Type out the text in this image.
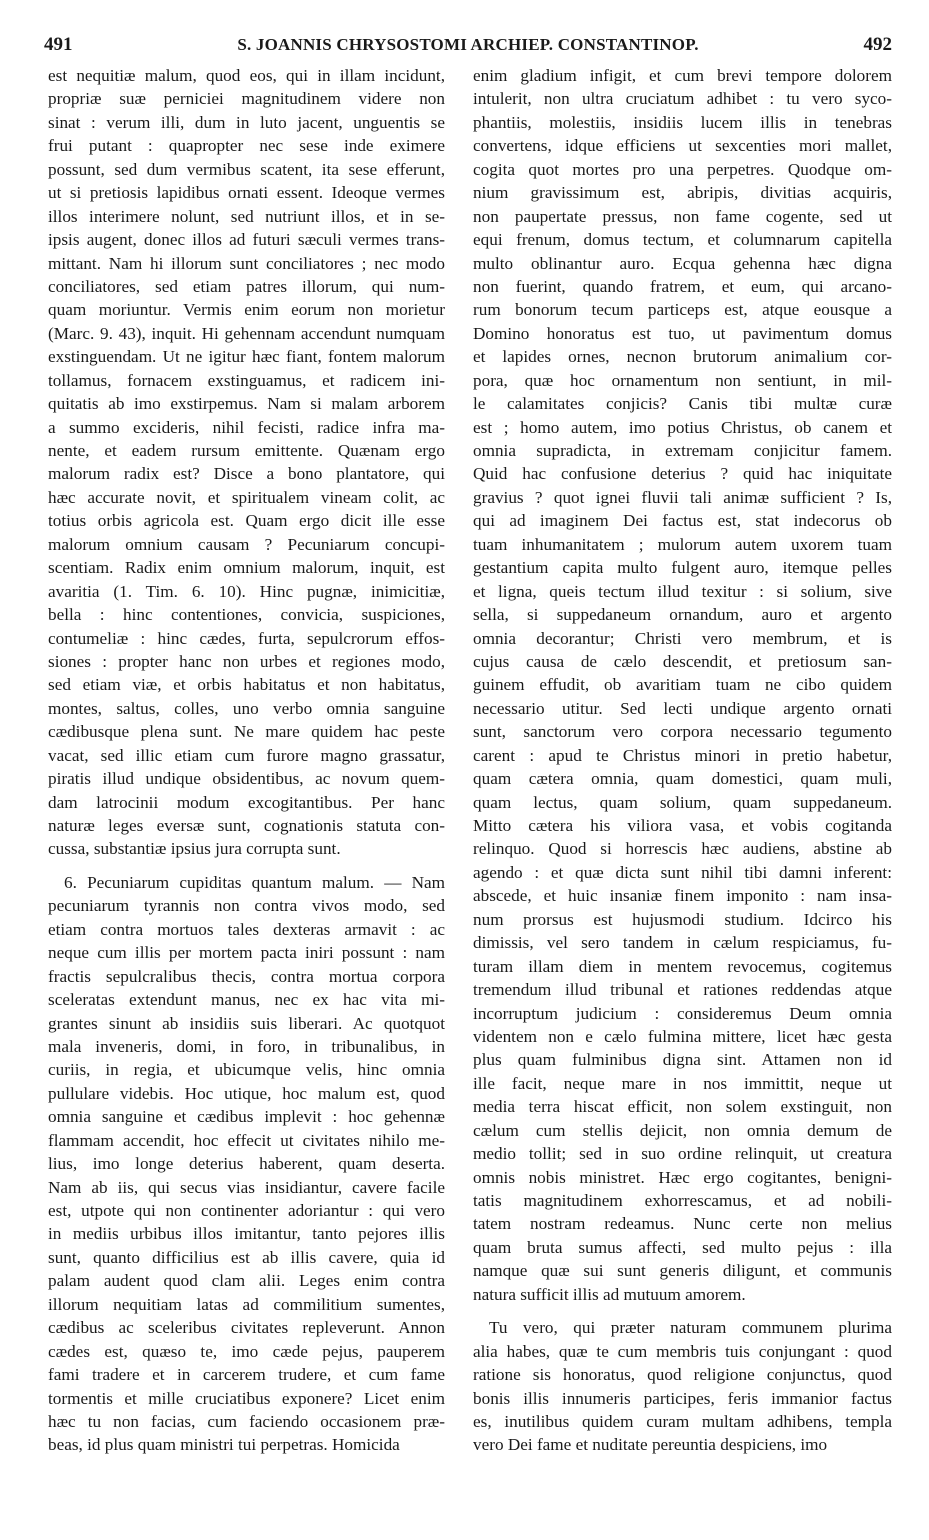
491	S. JOANNIS CHRYSOSTOMI ARCHIEP. CONSTANTINOP.	492
est nequitiæ malum, quod eos, qui in illam incidunt,
propriæ suæ perniciei magnitudinem videre non
sinat : verum illi, dum in luto jacent, unguentis se
frui putant : quapropter nec sese inde eximere
possunt, sed dum vermibus scatent, ita sese efferunt,
ut si pretiosis lapidibus ornati essent. Ideoque vermes
illos interimere nolunt, sed nutriunt illos, et in se-
ipsis augent, donec illos ad futuri sæculi vermes trans-
mittant. Nam hi illorum sunt conciliatores ; nec modo
conciliatores, sed etiam patres illorum, qui num-
quam moriuntur. Vermis enim eorum non morietur
(Marc. 9. 43), inquit. Hi gehennam accendunt numquam
exstinguendam. Ut ne igitur hæc fiant, fontem malorum
tollamus, fornacem exstinguamus, et radicem ini-
quitatis ab imo exstirpemus. Nam si malam arborem
a summo excideris, nihil fecisti, radice infra ma-
nente, et eadem rursum emittente. Quænam ergo
malorum radix est? Disce a bono plantatore, qui
hæc accurate novit, et spiritualem vineam colit, ac
totius orbis agricola est. Quam ergo dicit ille esse
malorum omnium causam ? Pecuniarum concupi-
scentiam. Radix enim omnium malorum, inquit, est
avaritia (1. Tim. 6. 10). Hinc pugnæ, inimicitiæ,
bella : hinc contentiones, convicia, suspiciones,
contumeliæ : hinc cædes, furta, sepulcrorum effos-
siones : propter hanc non urbes et regiones modo,
sed etiam viæ, et orbis habitatus et non habitatus,
montes, saltus, colles, uno verbo omnia sanguine
cædibusque plena sunt. Ne mare quidem hac peste
vacat, sed illic etiam cum furore magno grassatur,
piratis illud undique obsidentibus, ac novum quem-
dam latrocinii modum excogitantibus. Per hanc
naturæ leges eversæ sunt, cognationis statuta con-
cussa, substantiæ ipsius jura corrupta sunt.
6. Pecuniarum cupiditas quantum malum. — Nam
pecuniarum tyrannis non contra vivos modo, sed
etiam contra mortuos tales dexteras armavit : ac
neque cum illis per mortem pacta iniri possunt : nam
fractis sepulcralibus thecis, contra mortua corpora
sceleratas extendunt manus, nec ex hac vita mi-
grantes sinunt ab insidiis suis liberari. Ac quotquot
mala inveneris, domi, in foro, in tribunalibus, in
curiis, in regia, et ubicumque velis, hinc omnia
pullulare videbis. Hoc utique, hoc malum est, quod
omnia sanguine et cædibus implevit : hoc gehennæ
flammam accendit, hoc effecit ut civitates nihilo me-
lius, imo longe deterius haberent, quam deserta.
Nam ab iis, qui secus vias insidiantur, cavere facile
est, utpote qui non continenter adoriantur : qui vero
in mediis urbibus illos imitantur, tanto pejores illis
sunt, quanto difficilius est ab illis cavere, quia id
palam audent quod clam alii. Leges enim contra
illorum nequitiam latas ad commilitium sumentes,
cædibus ac sceleribus civitates repleverunt. Annon
cædes est, quæso te, imo cæde pejus, pauperem
fami tradere et in carcerem trudere, et cum fame
tormentis et mille cruciatibus exponere? Licet enim
hæc tu non facias, cum faciendo occasionem præ-
beas, id plus quam ministri tui perpetras. Homicida
enim gladium infigit, et cum brevi tempore dolorem
intulerit, non ultra cruciatum adhibet : tu vero syco-
phantiis, molestiis, insidiis lucem illis in tenebras
convertens, idque efficiens ut sexcenties mori mallet,
cogita quot mortes pro una perpetres. Quodque om-
nium gravissimum est, abripis, divitias acquiris,
non paupertate pressus, non fame cogente, sed ut
equi frenum, domus tectum, et columnarum capitella
multo oblinantur auro. Ecqua gehenna hæc digna
non fuerint, quando fratrem, et eum, qui arcano-
rum bonorum tecum particeps est, atque eousque a
Domino honoratus est tuo, ut pavimentum domus
et lapides ornes, necnon brutorum animalium cor-
pora, quæ hoc ornamentum non sentiunt, in mil-
le calamitates conjicis? Canis tibi multæ curæ
est ; homo autem, imo potius Christus, ob canem et
omnia supradicta, in extremam conjicitur famem.
Quid hac confusione deterius ? quid hac iniquitate
gravius ? quot ignei fluvii tali animæ sufficient ? Is,
qui ad imaginem Dei factus est, stat indecorus ob
tuam inhumanitatem ; mulorum autem uxorem tuam
gestantium capita multo fulgent auro, itemque pelles
et ligna, queis tectum illud texitur : si solium, sive
sella, si suppedaneum ornandum, auro et argento
omnia decorantur; Christi vero membrum, et is
cujus causa de cælo descendit, et pretiosum san-
guinem effudit, ob avaritiam tuam ne cibo quidem
necessario utitur. Sed lecti undique argento ornati
sunt, sanctorum vero corpora necessario tegumento
carent : apud te Christus minori in pretio habetur,
quam cætera omnia, quam domestici, quam muli,
quam lectus, quam solium, quam suppedaneum.
Mitto cætera his viliora vasa, et vobis cogitanda
relinquo. Quod si horrescis hæc audiens, abstine ab
agendo : et quæ dicta sunt nihil tibi damni inferent:
abscede, et huic insaniæ finem imponito : nam insa-
num prorsus est hujusmodi studium. Idcirco his
dimissis, vel sero tandem in cælum respiciamus, fu-
turam illam diem in mentem revocemus, cogitemus
tremendum illud tribunal et rationes reddendas atque
incorruptum judicium : consideremus Deum omnia
videntem non e cælo fulmina mittere, licet hæc gesta
plus quam fulminibus digna sint. Attamen non id
ille facit, neque mare in nos immittit, neque ut
media terra hiscat efficit, non solem exstinguit, non
cælum cum stellis dejicit, non omnia demum de
medio tollit; sed in suo ordine relinquit, ut creatura
omnis nobis ministret. Hæc ergo cogitantes, benigni-
tatis magnitudinem exhorrescamus, et ad nobili-
tatem nostram redeamus. Nunc certe non melius
quam bruta sumus affecti, sed multo pejus : illa
namque quæ sui sunt generis diligunt, et communis
natura sufficit illis ad mutuum amorem.
Tu vero, qui præter naturam communem plurima
alia habes, quæ te cum membris tuis conjungant : quod
ratione sis honoratus, quod religione conjunctus, quod
bonis illis innumeris participes, feris immanior factus
es, inutilibus quidem curam multam adhibens, templa
vero Dei fame et nuditate pereuntia despiciens, imo
